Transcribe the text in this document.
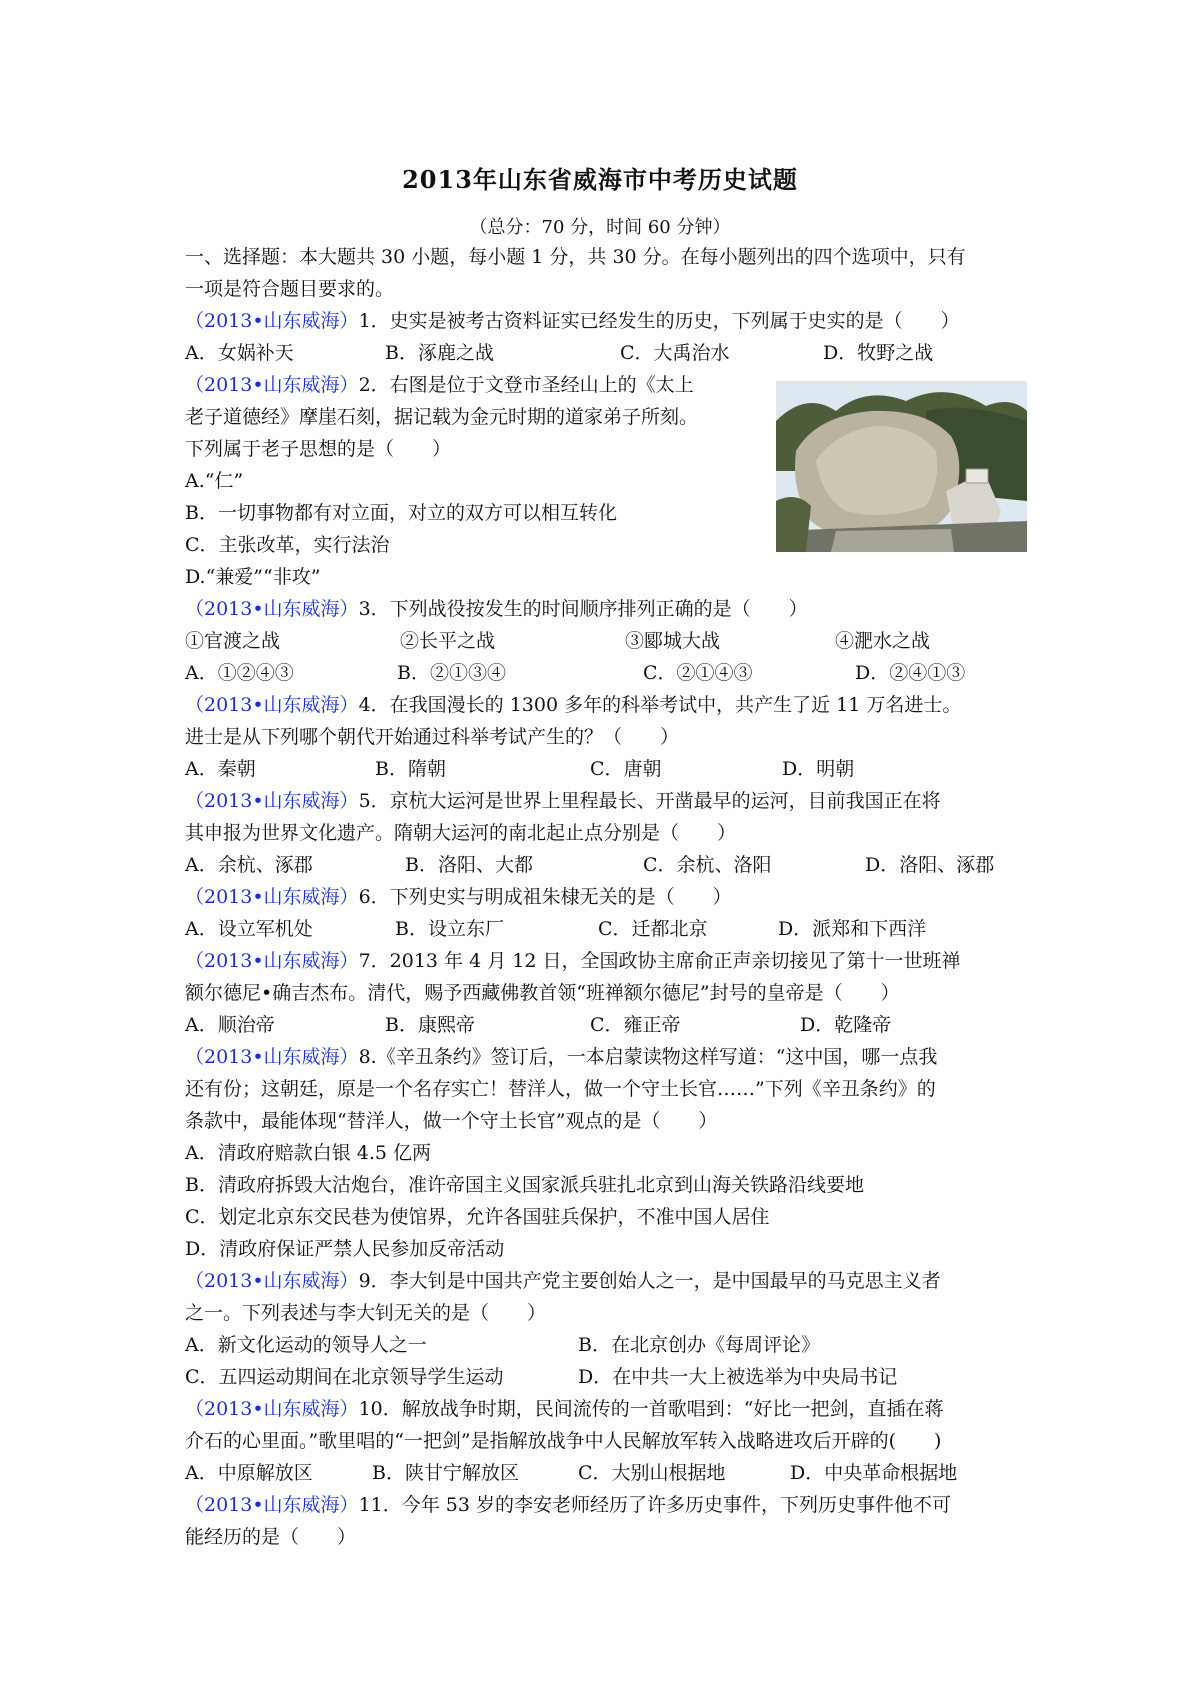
2013年山东省威海市中考历史试题
（总分：70 分，时间 60 分钟）
一、选择题：本大题共 30 小题，每小题 1 分，共 30 分。在每小题列出的四个选项中，只有
一项是符合题目要求的。
（2013•山东威海）1．史实是被考古资料证实已经发生的历史，下列属于史实的是（　　）
A．女娲补天	B．涿鹿之战	C．大禹治水	D．牧野之战
（2013•山东威海）2．右图是位于文登市圣经山上的《太上
老子道德经》摩崖石刻，据记载为金元时期的道家弟子所刻。
下列属于老子思想的是（　　）
A.“仁”
B．一切事物都有对立面，对立的双方可以相互转化
C．主张改革，实行法治
D.“兼爱”“非攻”
（2013•山东威海）3．下列战役按发生的时间顺序排列正确的是（　　）
①官渡之战	②长平之战	③郾城大战	④淝水之战
A．①②④③	B．②①③④	C．②①④③	D．②④①③
（2013•山东威海）4．在我国漫长的 1300 多年的科举考试中，共产生了近 11 万名进士。
进士是从下列哪个朝代开始通过科举考试产生的？（　　）
A．秦朝	B．隋朝	C．唐朝	D．明朝
（2013•山东威海）5．京杭大运河是世界上里程最长、开凿最早的运河，目前我国正在将
其申报为世界文化遗产。隋朝大运河的南北起止点分别是（　　）
A．余杭、涿郡	B．洛阳、大都	C．余杭、洛阳	D．洛阳、涿郡
（2013•山东威海）6．下列史实与明成祖朱棣无关的是（　　）
A．设立军机处	B．设立东厂	C．迁都北京	D．派郑和下西洋
（2013•山东威海）7．2013 年 4 月 12 日，全国政协主席俞正声亲切接见了第十一世班禅
额尔德尼•确吉杰布。清代，赐予西藏佛教首领“班禅额尔德尼”封号的皇帝是（　　）
A．顺治帝	B．康熙帝	C．雍正帝	D．乾隆帝
（2013•山东威海）8.《辛丑条约》签订后，一本启蒙读物这样写道：“这中国，哪一点我
还有份；这朝廷，原是一个名存实亡！替洋人，做一个守土长官……”下列《辛丑条约》的
条款中，最能体现“替洋人，做一个守土长官”观点的是（　　）
A．清政府赔款白银 4.5 亿两
B．清政府拆毁大沽炮台，准许帝国主义国家派兵驻扎北京到山海关铁路沿线要地
C．划定北京东交民巷为使馆界，允许各国驻兵保护，不准中国人居住
D．清政府保证严禁人民参加反帝活动
（2013•山东威海）9．李大钊是中国共产党主要创始人之一，是中国最早的马克思主义者
之一。下列表述与李大钊无关的是（　　）
A．新文化运动的领导人之一	B．在北京创办《每周评论》
C．五四运动期间在北京领导学生运动	D．在中共一大上被选举为中央局书记
（2013•山东威海）10．解放战争时期，民间流传的一首歌唱到：“好比一把剑，直插在蒋
介石的心里面。”歌里唱的“一把剑”是指解放战争中人民解放军转入战略进攻后开辟的(　　)
A．中原解放区	B．陕甘宁解放区	C．大别山根据地	D．中央革命根据地
（2013•山东威海）11．今年 53 岁的李安老师经历了许多历史事件，下列历史事件他不可
能经历的是（　　）
